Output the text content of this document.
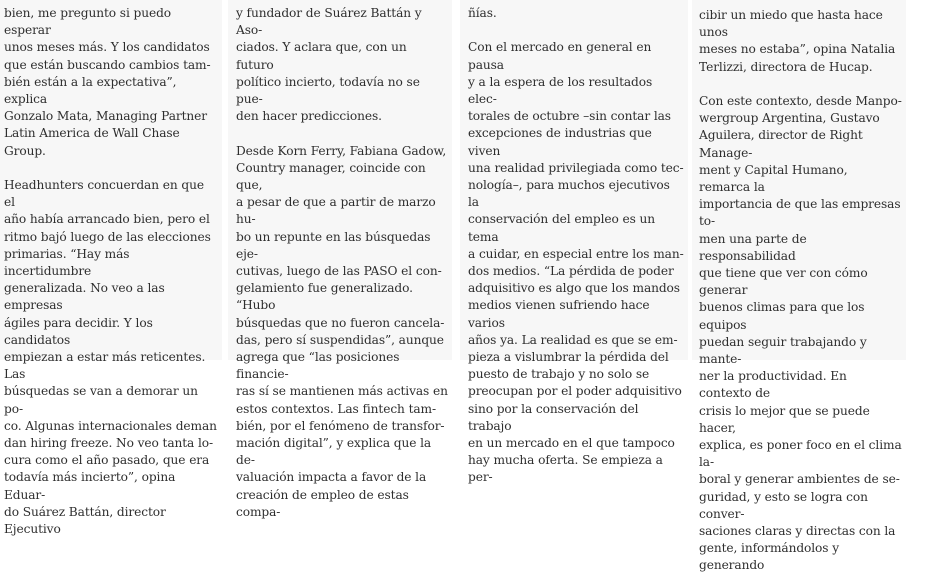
bien, me pregunto si puedo esperar
unos meses más. Y los candidatos
que están buscando cambios tam-
bién están a la expectativa”, explica
Gonzalo Mata, Managing Partner
Latin America de Wall Chase Group.

Headhunters concuerdan en que el
año había arrancado bien, pero el
ritmo bajó luego de las elecciones
primarias. “Hay más incertidumbre
generalizada. No veo a las empresas
ágiles para decidir. Y los candidatos
empiezan a estar más reticentes. Las
búsquedas se van a demorar un po-
co. Algunas internacionales deman
dan hiring freeze. No veo tanta lo-
cura como el año pasado, que era
todavía más incierto”, opina Eduar-
do Suárez Battán, director Ejecutivo

y fundador de Suárez Battán y Aso-
ciados. Y aclara que, con un futuro
político incierto, todavía no se pue-
den hacer predicciones.

Desde Korn Ferry, Fabiana Gadow,
Country manager, coincide con que,
a pesar de que a partir de marzo hu-
bo un repunte en las búsquedas eje-
cutivas, luego de las PASO el con-
gelamiento fue generalizado. “Hubo
búsquedas que no fueron cancela-
das, pero sí suspendidas”, aunque
agrega que “las posiciones financie-
ras sí se mantienen más activas en
estos contextos. Las fintech tam-
bién, por el fenómeno de transfor-
mación digital”, y explica que la de-
valuación impacta a favor de la
creación de empleo de estas compa-

ñías.

Con el mercado en general en pausa
y a la espera de los resultados elec-
torales de octubre –sin contar las
excepciones de industrias que viven
una realidad privilegiada como tec-
nología–, para muchos ejecutivos la
conservación del empleo es un tema
a cuidar, en especial entre los man-
dos medios. “La pérdida de poder
adquisitivo es algo que los mandos
medios vienen sufriendo hace varios
años ya. La realidad es que se em-
pieza a vislumbrar la pérdida del
puesto de trabajo y no solo se
preocupan por el poder adquisitivo
sino por la conservación del trabajo
en un mercado en el que tampoco
hay mucha oferta. Se empieza a per-

cibir un miedo que hasta hace unos
meses no estaba”, opina Natalia
Terlizzi, directora de Hucap.

Con este contexto, desde Manpo-
wergroup Argentina, Gustavo
Aguilera, director de Right Manage-
ment y Capital Humano, remarca la
importancia de que las empresas to-
men una parte de responsabilidad
que tiene que ver con cómo generar
buenos climas para que los equipos
puedan seguir trabajando y mante-
ner la productividad. En contexto de
crisis lo mejor que se puede hacer,
explica, es poner foco en el clima la-
boral y generar ambientes de se-
guridad, y esto se logra con conver-
saciones claras y directas con la
gente, informándolos y generando
